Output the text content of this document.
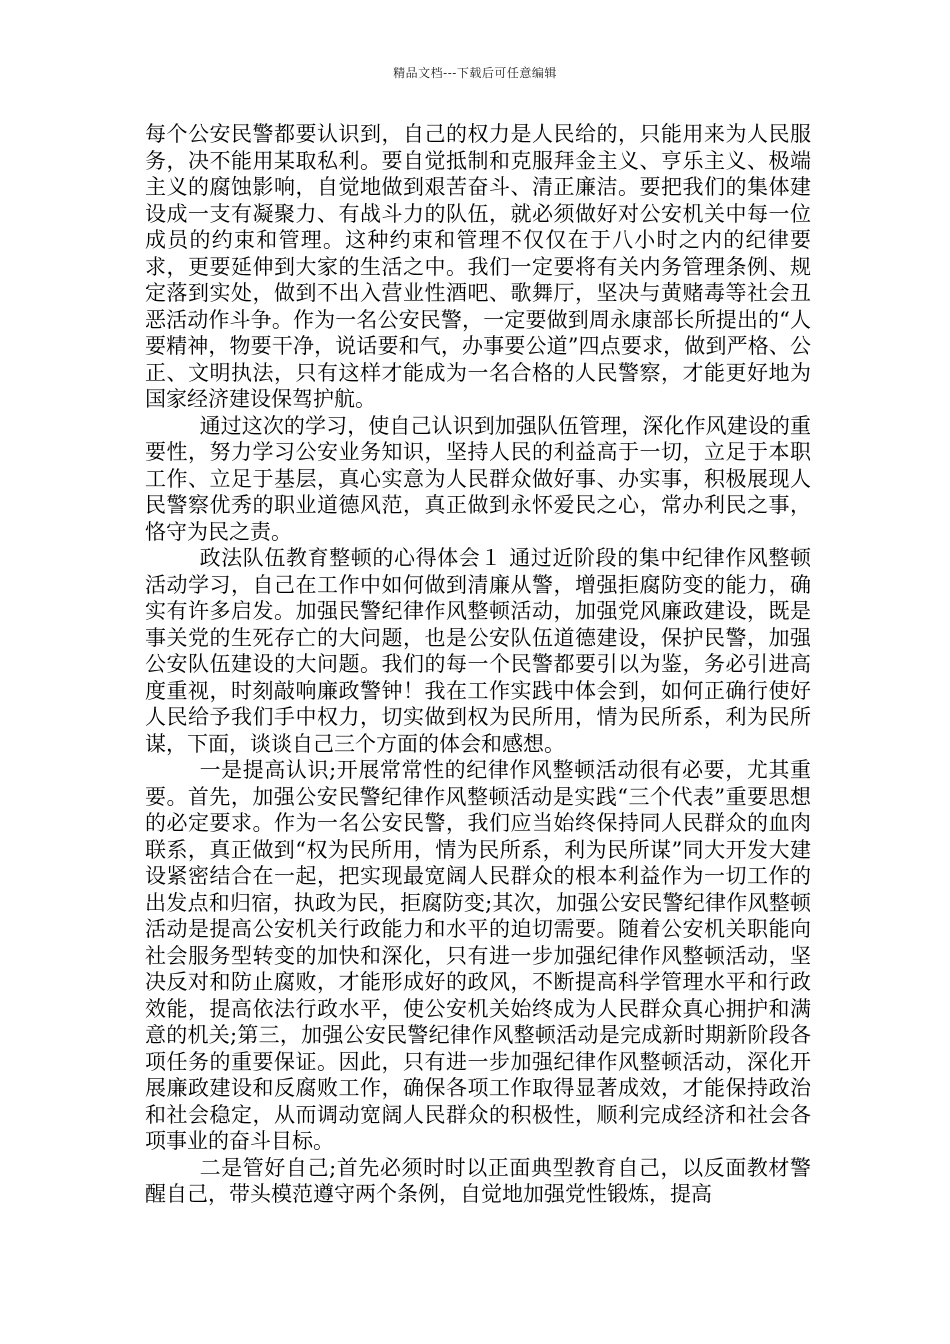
精品文档---下载后可任意编辑

每个公安民警都要认识到，自己的权力是人民给的，只能用来为人民服务，决不能用某取私利。要自觉抵制和克服拜金主义、亨乐主义、极端主义的腐蚀影响，自觉地做到艰苦奋斗、清正廉洁。要把我们的集体建设成一支有凝聚力、有战斗力的队伍，就必须做好对公安机关中每一位成员的约束和管理。这种约束和管理不仅仅在于八小时之内的纪律要求，更要延伸到大家的生活之中。我们一定要将有关内务管理条例、规定落到实处，做到不出入营业性酒吧、歌舞厅，坚决与黄赌毒等社会丑恶活动作斗争。作为一名公安民警，一定要做到周永康部长所提出的“人要精神，物要干净，说话要和气，办事要公道”四点要求，做到严格、公正、文明执法，只有这样才能成为一名合格的人民警察，才能更好地为国家经济建设保驾护航。

通过这次的学习，使自己认识到加强队伍管理，深化作风建设的重要性，努力学习公安业务知识，坚持人民的利益高于一切，立足于本职工作、立足于基层，真心实意为人民群众做好事、办实事，积极展现人民警察优秀的职业道德风范，真正做到永怀爱民之心，常办利民之事，恪守为民之责。

政法队伍教育整顿的心得体会１ 通过近阶段的集中纪律作风整顿活动学习，自己在工作中如何做到清廉从警，增强拒腐防变的能力，确实有许多启发。加强民警纪律作风整顿活动，加强党风廉政建设，既是事关党的生死存亡的大问题，也是公安队伍道德建设，保护民警，加强公安队伍建设的大问题。我们的每一个民警都要引以为鉴，务必引进高度重视，时刻敲响廉政警钟！我在工作实践中体会到，如何正确行使好人民给予我们手中权力，切实做到权为民所用，情为民所系，利为民所谋，下面，谈谈自己三个方面的体会和感想。

一是提高认识;开展常常性的纪律作风整顿活动很有必要，尤其重要。首先，加强公安民警纪律作风整顿活动是实践“三个代表”重要思想的必定要求。作为一名公安民警，我们应当始终保持同人民群众的血肉联系，真正做到“权为民所用，情为民所系，利为民所谋”同大开发大建设紧密结合在一起，把实现最宽阔人民群众的根本利益作为一切工作的出发点和归宿，执政为民，拒腐防变;其次，加强公安民警纪律作风整顿活动是提高公安机关行政能力和水平的迫切需要。随着公安机关职能向社会服务型转变的加快和深化，只有进一步加强纪律作风整顿活动，坚决反对和防止腐败，才能形成好的政风，不断提高科学管理水平和行政效能，提高依法行政水平，使公安机关始终成为人民群众真心拥护和满意的机关;第三，加强公安民警纪律作风整顿活动是完成新时期新阶段各项任务的重要保证。因此，只有进一步加强纪律作风整顿活动，深化开展廉政建设和反腐败工作，确保各项工作取得显著成效，才能保持政治和社会稳定，从而调动宽阔人民群众的积极性，顺利完成经济和社会各项事业的奋斗目标。

二是管好自己;首先必须时时以正面典型教育自己，以反面教材警醒自己，带头模范遵守两个条例，自觉地加强党性锻炼，提高
